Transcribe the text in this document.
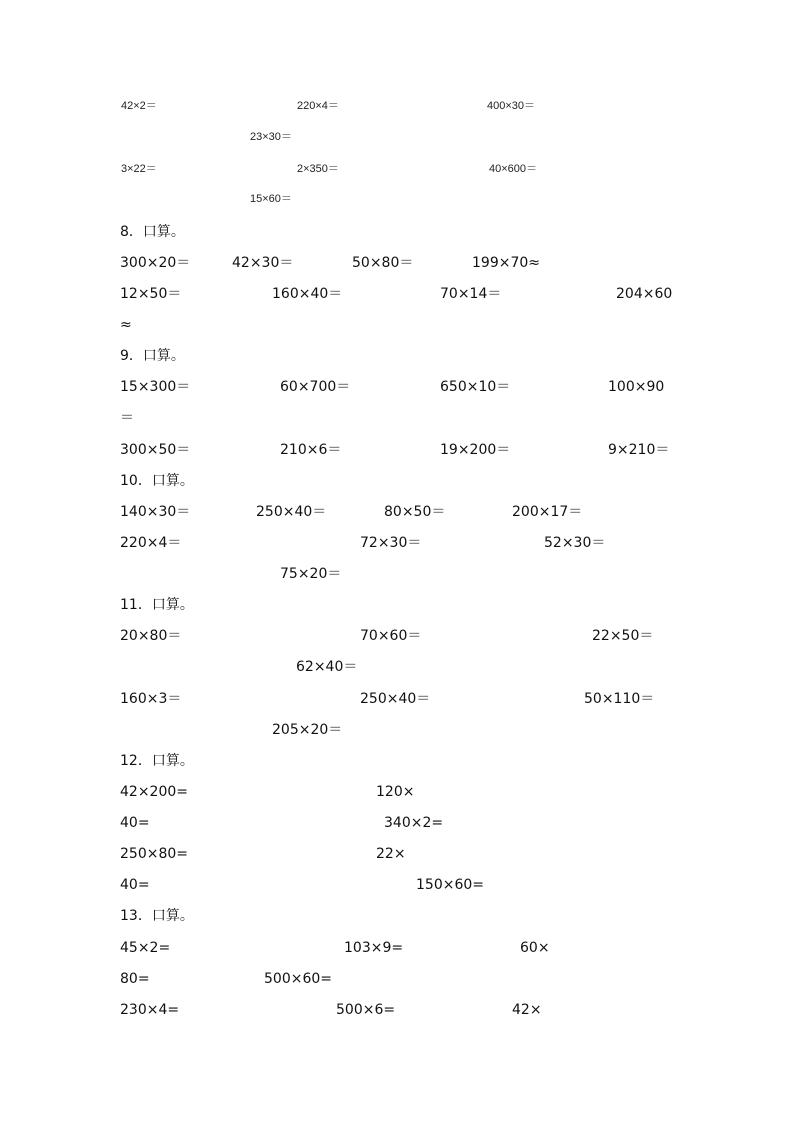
42×2＝	220×4＝	400×30＝
23×30＝
3×22＝	2×350＝	40×600＝
15×60＝
8．口算。
300×20＝	42×30＝	50×80＝	199×70≈
12×50＝	160×40＝	70×14＝	204×60
≈
9．口算。
15×300＝	60×700＝	650×10＝	100×90
＝
300×50＝	210×6＝	19×200＝	9×210＝
10．口算。
140×30＝	250×40＝	80×50＝	200×17＝
220×4＝	72×30＝	52×30＝
75×20＝
11．口算。
20×80＝	70×60＝	22×50＝
62×40＝
160×3＝	250×40＝	50×110＝
205×20＝
12．口算。
42×200=	120×
40=	340×2=
250×80=	22×
40=	150×60=
13．口算。
45×2=	103×9=	60×
80=	500×60=
230×4=	500×6=	42×
